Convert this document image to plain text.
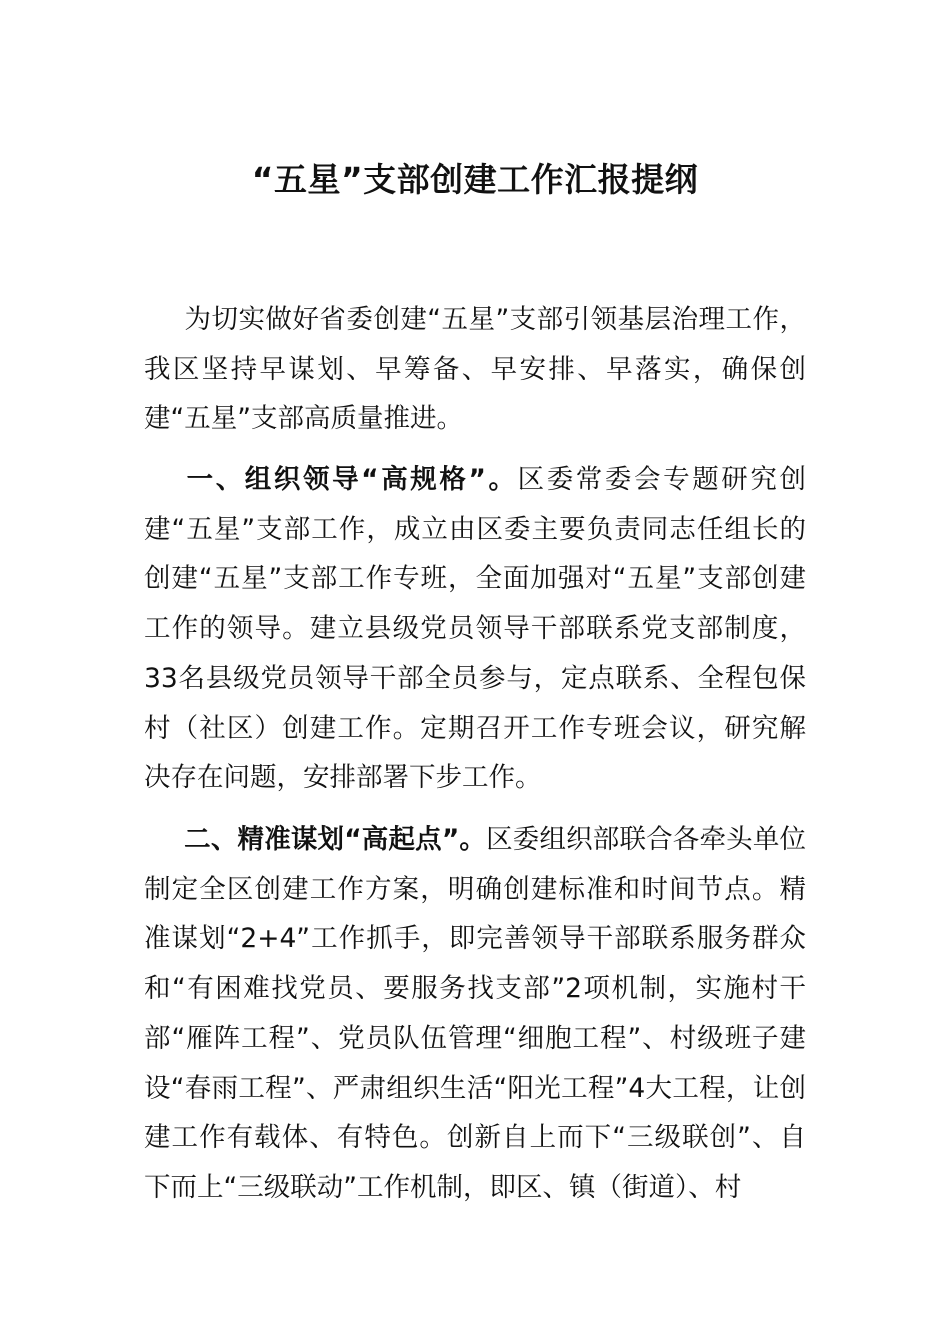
“五星”支部创建工作汇报提纲

为切实做好省委创建“五星”支部引领基层治理工作，我区坚持早谋划、早筹备、早安排、早落实，确保创建“五星”支部高质量推进。

一、组织领导“高规格”。区委常委会专题研究创建“五星”支部工作，成立由区委主要负责同志任组长的创建“五星”支部工作专班，全面加强对“五星”支部创建工作的领导。建立县级党员领导干部联系党支部制度，33名县级党员领导干部全员参与，定点联系、全程包保村（社区）创建工作。定期召开工作专班会议，研究解决存在问题，安排部署下步工作。

二、精准谋划“高起点”。区委组织部联合各牵头单位制定全区创建工作方案，明确创建标准和时间节点。精准谋划“2+4”工作抓手，即完善领导干部联系服务群众和“有困难找党员、要服务找支部”2项机制，实施村干部“雁阵工程”、党员队伍管理“细胞工程”、村级班子建设“春雨工程”、严肃组织生活“阳光工程”4大工程，让创建工作有载体、有特色。创新自上而下“三级联创”、自下而上“三级联动”工作机制，即区、镇（街道）、村
